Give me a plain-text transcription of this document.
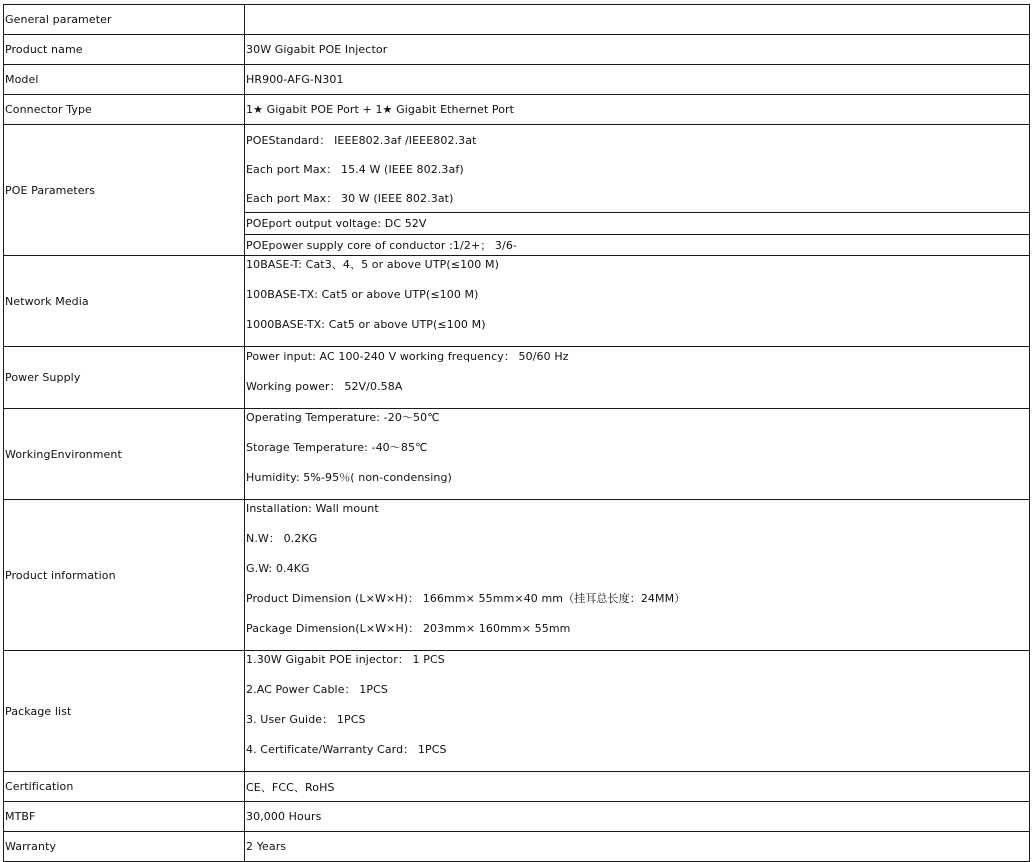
General parameter	
Product name	30W Gigabit POE Injector
Model	HR900-AFG-N301
Connector Type	1★ Gigabit POE Port + 1★ Gigabit Ethernet Port
POE Parameters	POEStandard： IEEE802.3af /IEEE802.3at
	Each port Max： 15.4 W (IEEE 802.3af)
	Each port Max： 30 W (IEEE 802.3at)
	POEport output voltage: DC 52V
	POEpower supply core of conductor :1/2+； 3/6-
Network Media	10BASE-T: Cat3、4、5 or above UTP(≤100 M)
100BASE-TX: Cat5 or above UTP(≤100 M)
1000BASE-TX: Cat5 or above UTP(≤100 M)

Power Supply	Power input: AC 100-240 V working frequency： 50/60 Hz
Working power： 52V/0.58A

WorkingEnvironment	Operating Temperature: -20～50℃
Storage Temperature: -40～85℃
Humidity: 5%-95％( non-condensing)

Product information	Installation: Wall mount
N.W： 0.2KG
G.W: 0.4KG
Product Dimension (L×W×H)： 166mm× 55mm×40 mm（挂耳总长度：24MM）
Package Dimension(L×W×H)： 203mm× 160mm× 55mm

Package list	1.30W Gigabit POE injector： 1 PCS
2.AC Power Cable： 1PCS
3. User Guide： 1PCS
4. Certificate/Warranty Card： 1PCS

Certification	CE、FCC、RoHS
MTBF	30,000 Hours
Warranty	2 Years
